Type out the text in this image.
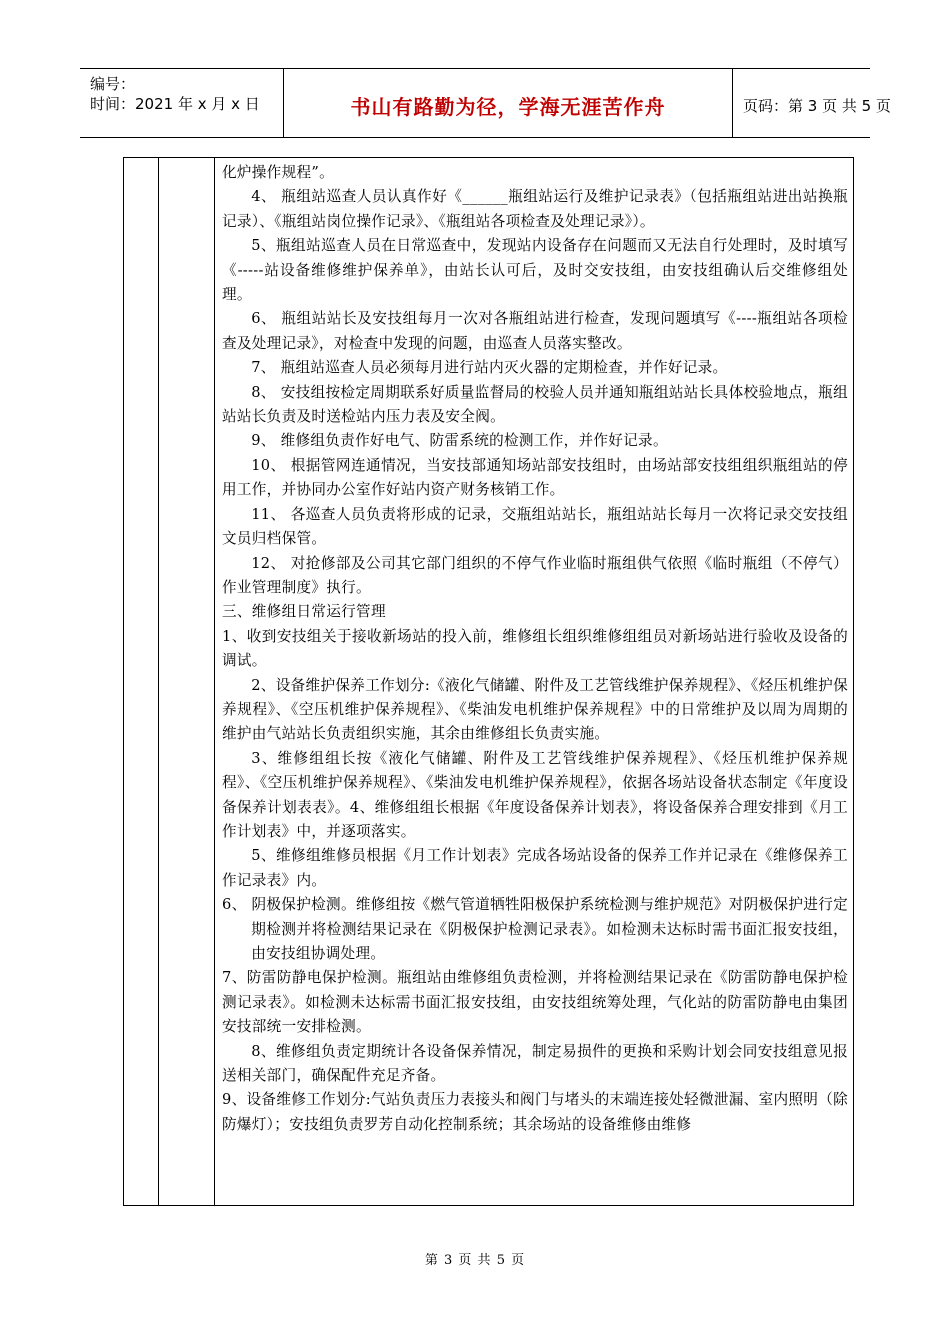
编号：
时间：2021 年 x 月 x 日	书山有路勤为径，学海无涯苦作舟	页码：第 3 页 共 5 页

化炉操作规程”。

4、 瓶组站巡查人员认真作好《______瓶组站运行及维护记录表》（包括瓶组站进出站换瓶记录）、《瓶组站岗位操作记录》、《瓶组站各项检查及处理记录》）。

5、瓶组站巡查人员在日常巡查中，发现站内设备存在问题而又无法自行处理时，及时填写《-----站设备维修维护保养单》，由站长认可后，及时交安技组，由安技组确认后交维修组处理。

6、 瓶组站站长及安技组每月一次对各瓶组站进行检查，发现问题填写《----瓶组站各项检查及处理记录》，对检查中发现的问题，由巡查人员落实整改。

7、 瓶组站巡查人员必须每月进行站内灭火器的定期检查，并作好记录。

8、 安技组按检定周期联系好质量监督局的校验人员并通知瓶组站站长具体校验地点，瓶组站站长负责及时送检站内压力表及安全阀。

9、 维修组负责作好电气、防雷系统的检测工作，并作好记录。

10、 根据管网连通情况，当安技部通知场站部安技组时，由场站部安技组组织瓶组站的停用工作，并协同办公室作好站内资产财务核销工作。

11、 各巡查人员负责将形成的记录，交瓶组站站长，瓶组站站长每月一次将记录交安技组文员归档保管。

12、 对抢修部及公司其它部门组织的不停气作业临时瓶组供气依照《临时瓶组（不停气）作业管理制度》执行。

三、维修组日常运行管理

1、收到安技组关于接收新场站的投入前，维修组长组织维修组组员对新场站进行验收及设备的调试。

2、设备维护保养工作划分:《液化气储罐、附件及工艺管线维护保养规程》、《烃压机维护保养规程》、《空压机维护保养规程》、《柴油发电机维护保养规程》中的日常维护及以周为周期的维护由气站站长负责组织实施，其余由维修组长负责实施。

3、维修组组长按《液化气储罐、附件及工艺管线维护保养规程》、《烃压机维护保养规程》、《空压机维护保养规程》、《柴油发电机维护保养规程》，依据各场站设备状态制定《年度设备保养计划表表》。4、维修组组长根据《年度设备保养计划表》，将设备保养合理安排到《月工作计划表》中，并逐项落实。

5、维修组维修员根据《月工作计划表》完成各场站设备的保养工作并记录在《维修保养工作记录表》内。

6、 阴极保护检测。维修组按《燃气管道牺牲阳极保护系统检测与维护规范》对阴极保护进行定期检测并将检测结果记录在《阴极保护检测记录表》。如检测未达标时需书面汇报安技组，由安技组协调处理。

7、防雷防静电保护检测。瓶组站由维修组负责检测，并将检测结果记录在《防雷防静电保护检测记录表》。如检测未达标需书面汇报安技组，由安技组统筹处理，气化站的防雷防静电由集团安技部统一安排检测。

8、维修组负责定期统计各设备保养情况，制定易损件的更换和采购计划会同安技组意见报送相关部门，确保配件充足齐备。

9、设备维修工作划分:气站负责压力表接头和阀门与堵头的末端连接处轻微泄漏、室内照明（除防爆灯）；安技组负责罗芳自动化控制系统；其余场站的设备维修由维修

第 3 页 共 5 页
